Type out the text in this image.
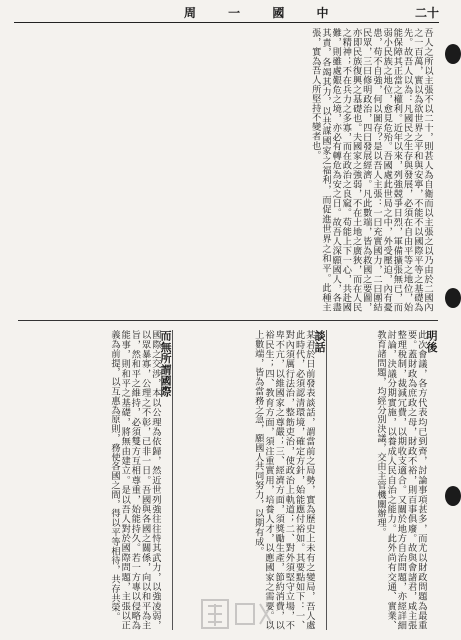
周 一 國 中	二十
吾人之所以主張不以二十，則甚人為自衛而以主張之以乃由於二國內之一百萬，實以為欲世界之平和與安寧，不能不以國際平等之基礎為先。故吾人以為：凡國民之生存與發展，必須在自由平等之地位，始能保障其正當之權利。近年以來，列強競爭日烈，軍備擴張無已，而弱小民族之地位，愈見危殆。吾國處此世局之中，外受壓迫，內有憂患，苟不自強，何以圖存？是以吾人主張：一曰充實國力，二曰團結民眾，三曰修明政治，四曰發展經濟。凡此數端，皆為救國之要圖，亦即民族復興之基礎也。夫國家之強弱，不在土地之廣狹，而在人民之精神；不在兵力之多寡，而在政治之良窳。苟能上下一心，共赴國難，則雖處艱危之境，亦必有轉危為安之日。故吾人深願國人，各盡其責，各竭其力，以共謀國家之福利，而促進世界之和平。此種主張，實為吾人所堅持不變者也。
明後
此次會議，各方代表均已到齊，討論事項甚多，而尤以財政問題為最重要。蓋財政為庶政之母，財政不裕，則百事俱廢。故與會諸君，咸主張整理稅制，裁減冗費，以期收支適合。又關於地方自治問題，亦經詳細討論，決議分期實施，以養成人民自治之能力。此外尚有交通、實業、教育諸問題，均經分別決議，交由主管機關辦理。
談話
某君於日前發表談話，謂當前之局勢，實為歷史上未有之變局，吾人處此時代，必須認清環境，確定方針，始能應付裕如。其要點如下：一、對內須厲行法治，整飭吏治，使政治上軌道；二、對外須堅守立場，不卑不亢，以維國家之尊嚴；三、經濟方面，須獎勵生產，節約消費，以裕民生；四、教育方面，須注重實用，培養人才，以應國家之需要。以上數端，皆為當務之急，願國人共同努力，以期有成。
而無所謂國際
國際之交涉，本以公理為依歸，然近世列強往往恃其武力，以強凌弱，以眾暴寡，公理之不彰，已非一日。吾國與各國之關係，向以和平為主旨，然和平之維持，必須雙方互相尊重，始能持久。若一方專以侵略為能事，則和平之基礎，將無由建立。是以吾人對於國際問題，主張以正義為前提，以互惠為原則，務使各國之間，得以平等相待，共存共榮。
